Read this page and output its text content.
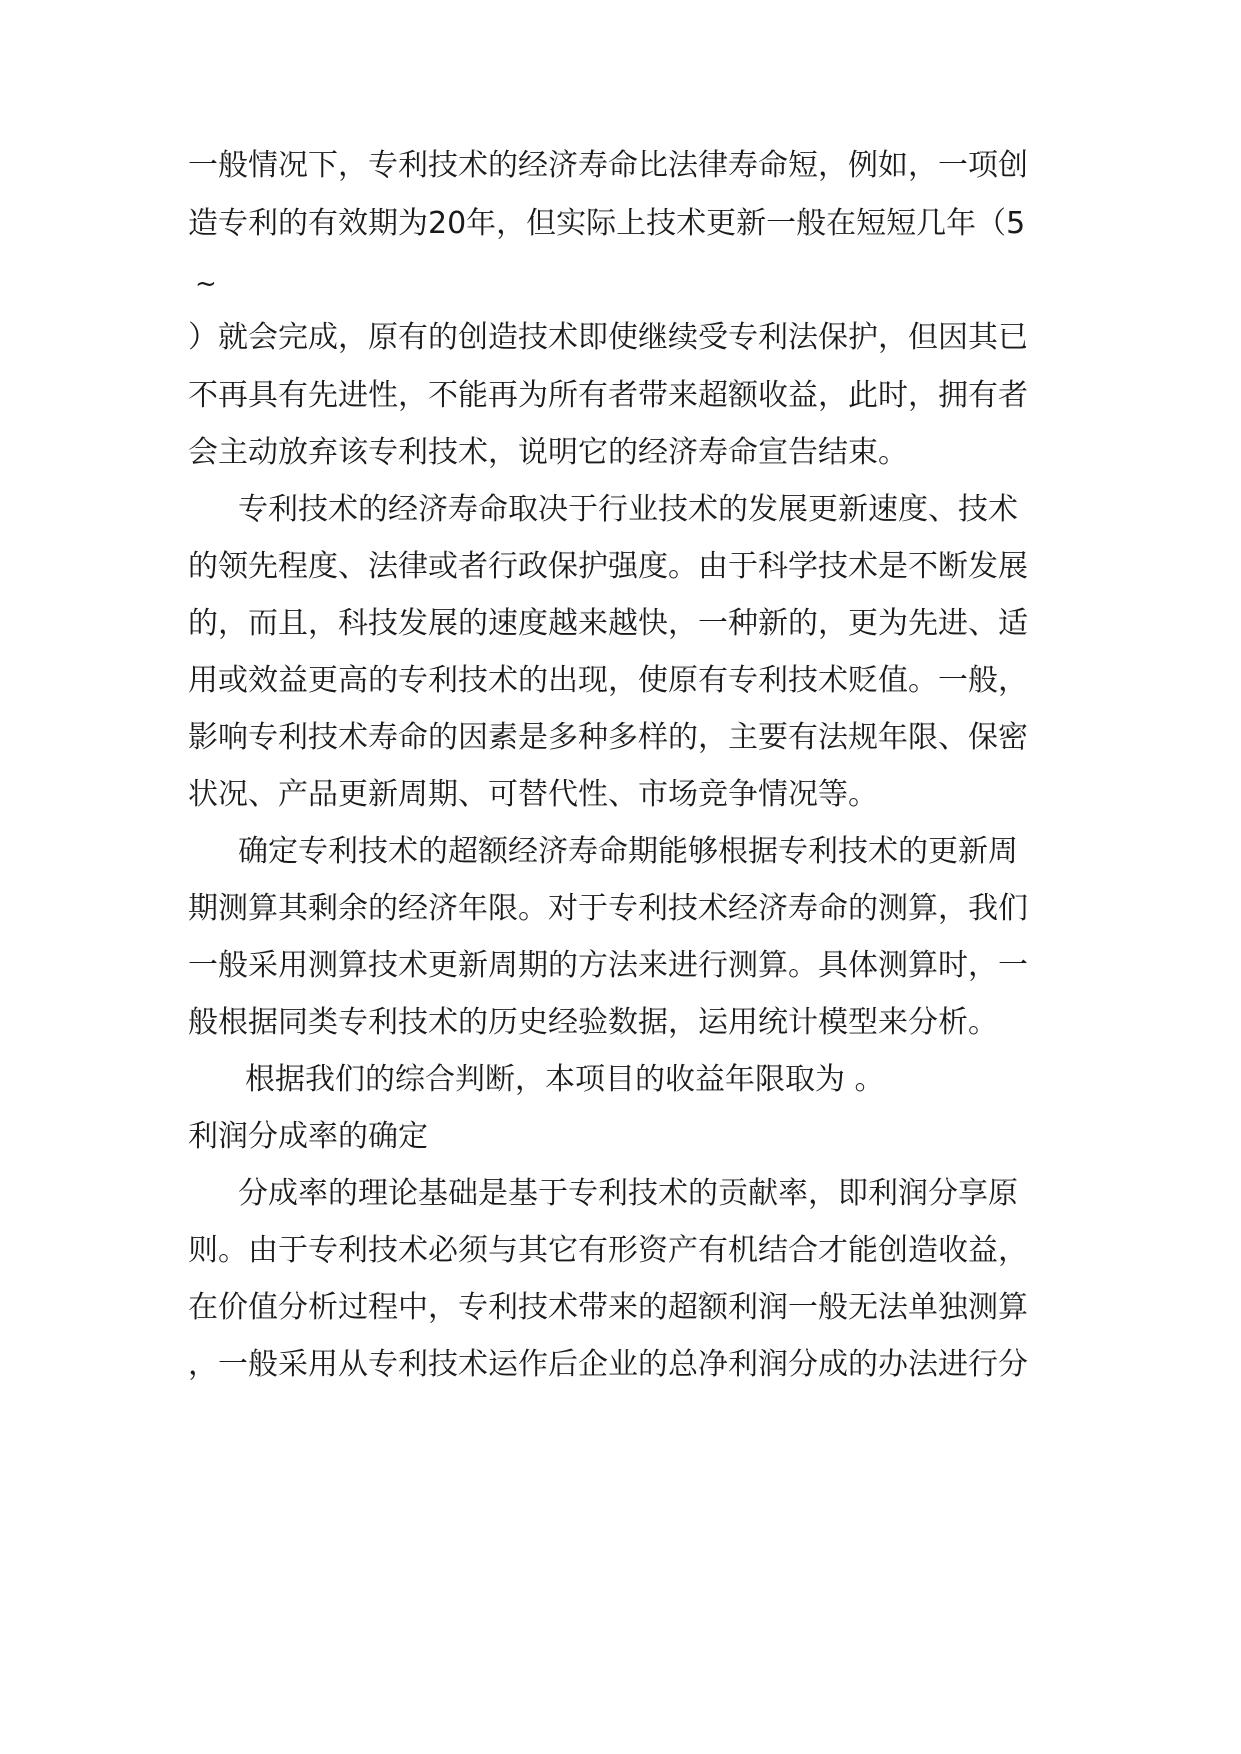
一般情况下，专利技术的经济寿命比法律寿命短，例如，一项创
造专利的有效期为20年，但实际上技术更新一般在短短几年（5
~
）就会完成，原有的创造技术即使继续受专利法保护，但因其已
不再具有先进性，不能再为所有者带来超额收益，此时，拥有者
会主动放弃该专利技术，说明它的经济寿命宣告结束。
专利技术的经济寿命取决于行业技术的发展更新速度、技术
的领先程度、法律或者行政保护强度。由于科学技术是不断发展
的，而且，科技发展的速度越来越快，一种新的，更为先进、适
用或效益更高的专利技术的出现，使原有专利技术贬值。一般，
影响专利技术寿命的因素是多种多样的，主要有法规年限、保密
状况、产品更新周期、可替代性、市场竞争情况等。
确定专利技术的超额经济寿命期能够根据专利技术的更新周
期测算其剩余的经济年限。对于专利技术经济寿命的测算，我们
一般采用测算技术更新周期的方法来进行测算。具体测算时，一
般根据同类专利技术的历史经验数据，运用统计模型来分析。
根据我们的综合判断，本项目的收益年限取为 。
利润分成率的确定
分成率的理论基础是基于专利技术的贡献率，即利润分享原
则。由于专利技术必须与其它有形资产有机结合才能创造收益，
在价值分析过程中，专利技术带来的超额利润一般无法单独测算
，一般采用从专利技术运作后企业的总净利润分成的办法进行分
